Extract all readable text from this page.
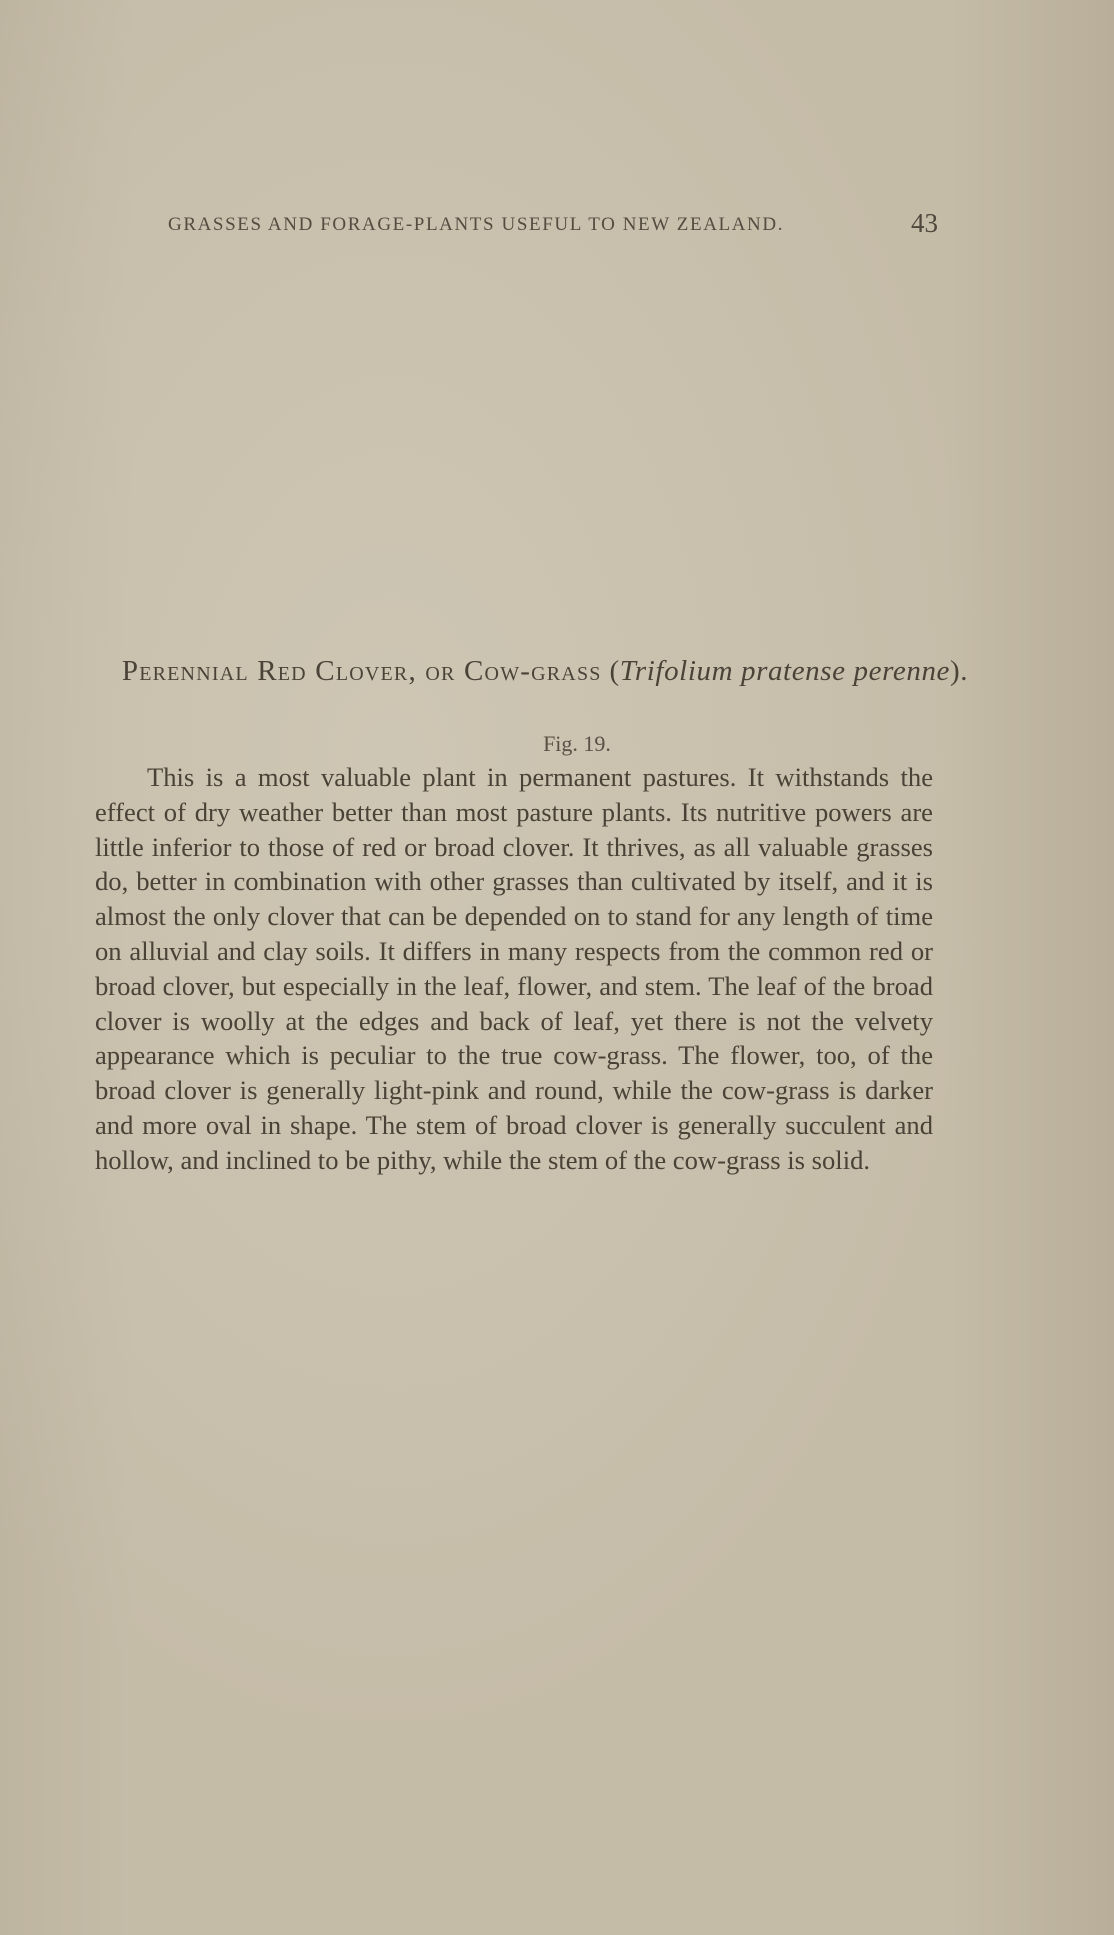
GRASSES AND FORAGE-PLANTS USEFUL TO NEW ZEALAND.	43
Perennial Red Clover, or Cow-grass (Trifolium pratense perenne).
Fig. 19.

This is a most valuable plant in permanent pastures. It withstands the effect of dry weather better than most pasture plants. Its nutritive powers are little inferior to those of red or broad clover. It thrives, as all valuable grasses do, better in combination with other grasses than cultivated by itself, and it is almost the only clover that can be depended on to stand for any length of time on alluvial and clay soils. It differs in many respects from the common red or broad clover, but especially in the leaf, flower, and stem. The leaf of the broad clover is woolly at the edges and back of leaf, yet there is not the velvety appearance which is peculiar to the true cow-grass. The flower, too, of the broad clover is generally light-pink and round, while the cow-grass is darker and more oval in shape. The stem of broad clover is generally succulent and hollow, and inclined to be pithy, while the stem of the cow-grass is solid.
